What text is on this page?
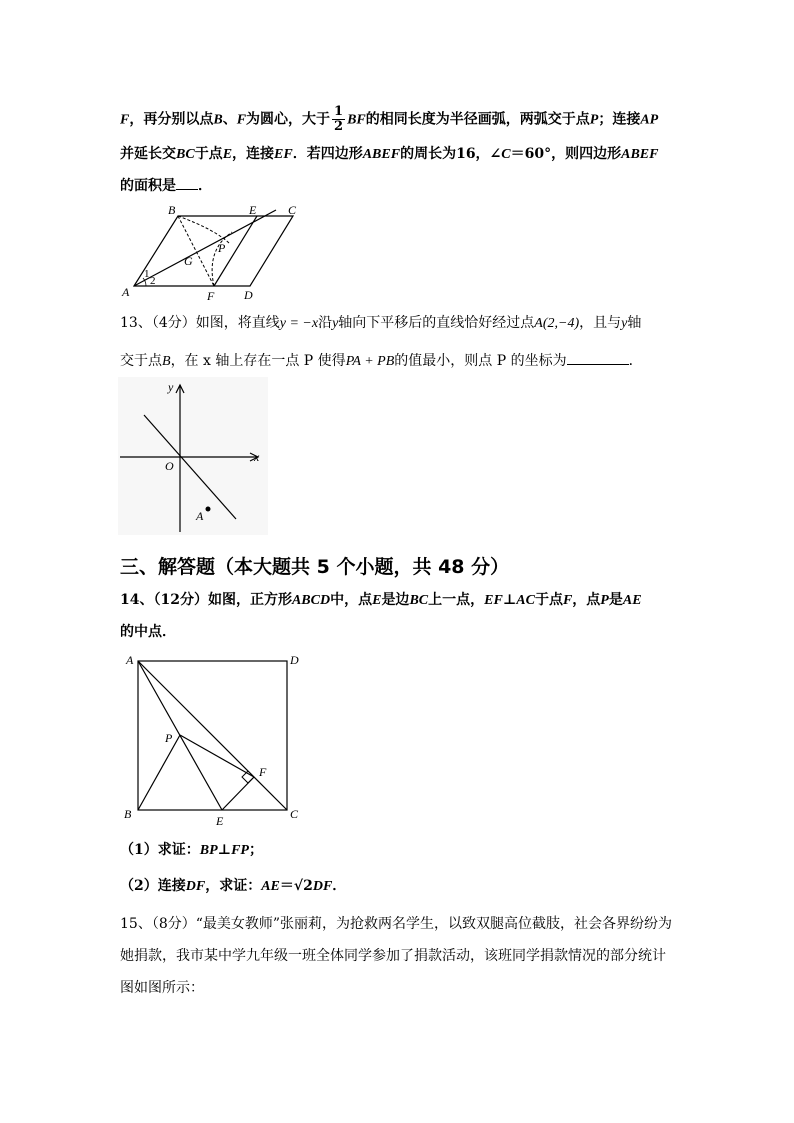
F，再分别以点B、F为圆心，大于 $\frac{1}{2}$ BF的相同长度为半径画弧，两弧交于点P；连接AP
并延长交BC于点E，连接EF．若四边形ABEF的周长为16，∠C＝60°，则四边形ABEF
的面积是 ．
B	E	C
P
G
A	F D
1
2
13、（4分）如图，将直线y = −x沿y轴向下平移后的直线恰好经过点A(2,−4)，且与y轴
交于点B，在 x 轴上存在一点 P 使得PA + PB的值最小，则点 P 的坐标为	．
y
x
O
A
三、解答题（本大题共 5 个小题，共 48 分）
14、（12分）如图，正方形ABCD中，点E是边BC上一点，EF⊥AC于点F，点P是AE
的中点．
A	D
P
F
B	E	C
（1）求证：BP⊥FP；
（2）连接DF，求证：AE＝√2DF．
15、（8分）“最美女教师”张丽莉，为抢救两名学生，以致双腿高位截肢，社会各界纷纷为
她捐款，我市某中学九年级一班全体同学参加了捐款活动，该班同学捐款情况的部分统计
图如图所示：
